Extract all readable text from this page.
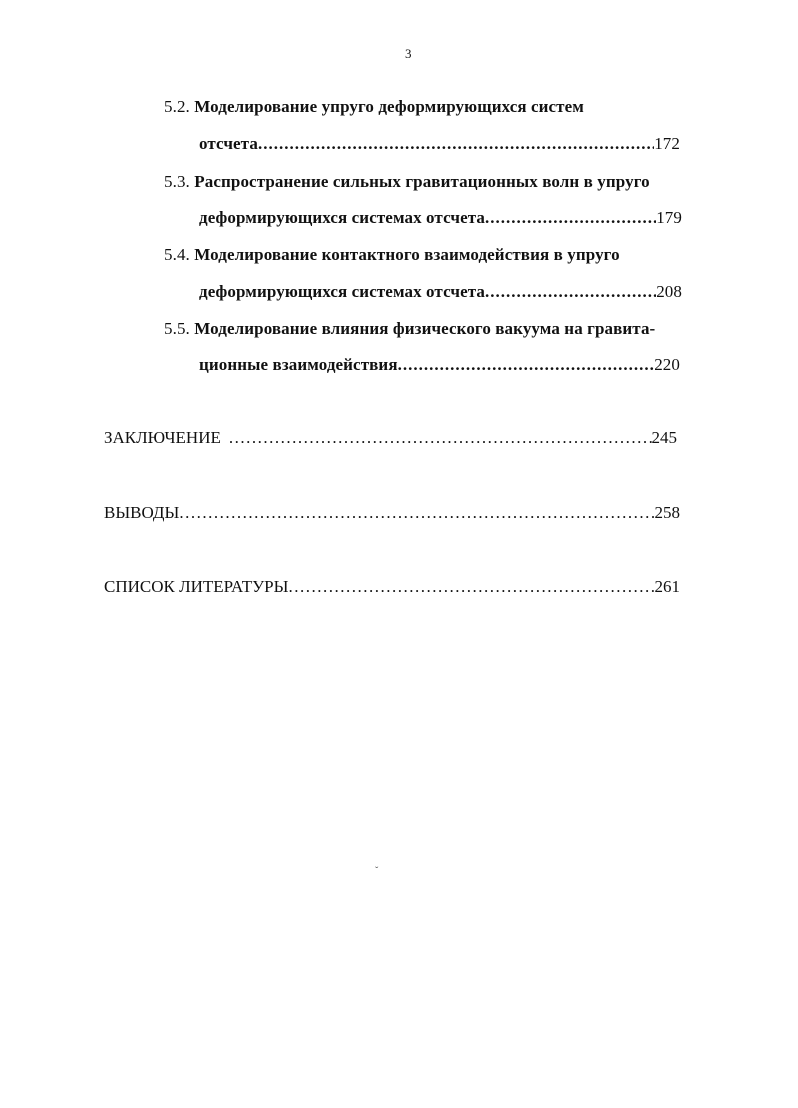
3
5.2. Моделирование упруго деформирующихся систем
отсчета .....	172
5.3. Распространение сильных гравитационных волн в упруго
деформирующихся системах отсчета .....	179
5.4. Моделирование контактного взаимодействия в упруго
деформирующихся системах отсчета .....	208
5.5. Моделирование влияния физического вакуума на гравита-
ционные взаимодействия .....	220
ЗАКЛЮЧЕНИЕ .....	245
ВЫВОДЫ .....	258
СПИСОК ЛИТЕРАТУРЫ .....	261
ˇ
